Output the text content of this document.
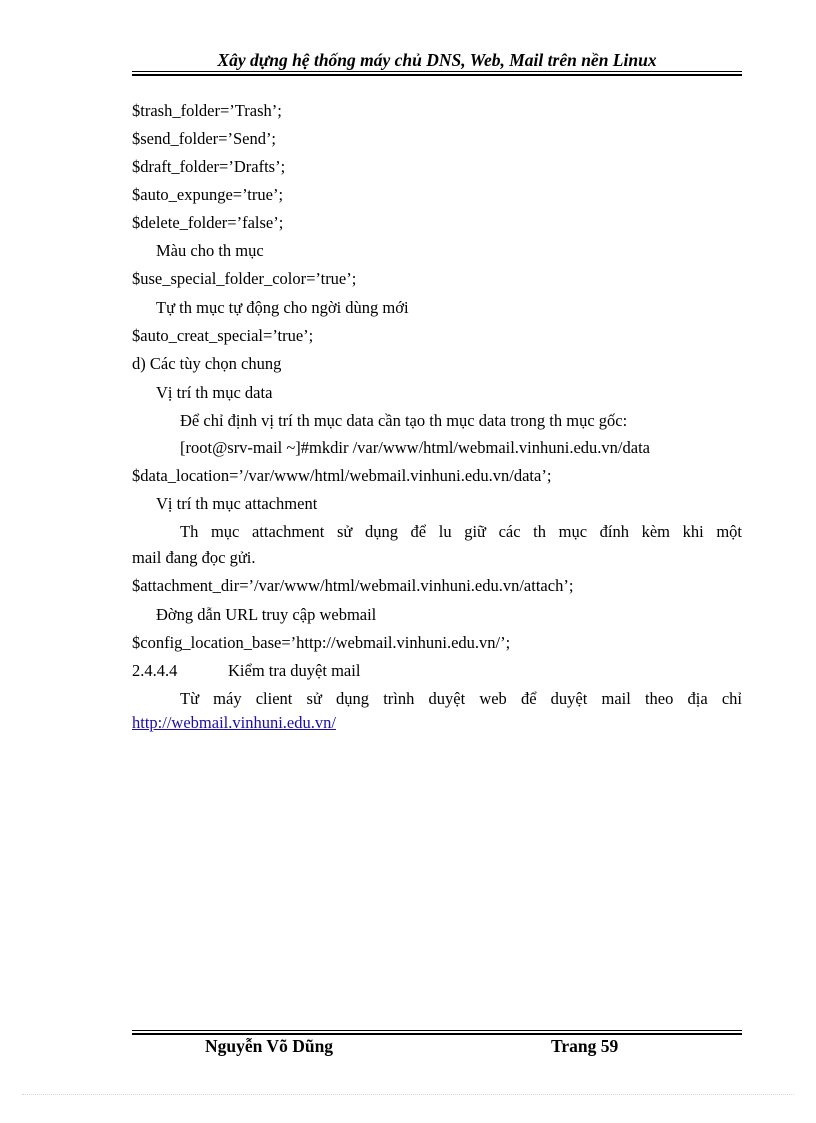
Xây dựng hệ thống máy chủ DNS, Web, Mail trên nền Linux
$trash_folder=’Trash’;
$send_folder=’Send’;
$draft_folder=’Drafts’;
$auto_expunge=’true’;
$delete_folder=’false’;
Màu cho th mục
$use_special_folder_color=’true’;
Tự th mục tự động cho ngời dùng mới
$auto_creat_special=’true’;
d) Các tùy chọn chung
Vị trí th mục data
Để chỉ định vị trí th mục data cần tạo th mục data trong th mục gốc:
[root@srv-mail ~]#mkdir /var/www/html/webmail.vinhuni.edu.vn/data
$data_location=’/var/www/html/webmail.vinhuni.edu.vn/data’;
Vị trí th mục attachment
Th mục attachment sử dụng để lu giữ các th mục đính kèm khi một
mail đang đọc gửi.
$attachment_dir=’/var/www/html/webmail.vinhuni.edu.vn/attach’;
Đờng dẫn URL truy cập webmail
$config_location_base=’http://webmail.vinhuni.edu.vn/’;
2.4.4.4	Kiểm tra duyệt mail
Từ máy client sử dụng trình duyệt web để duyệt mail theo địa chỉ
http://webmail.vinhuni.edu.vn/
Nguyễn Võ Dũng	Trang 59
